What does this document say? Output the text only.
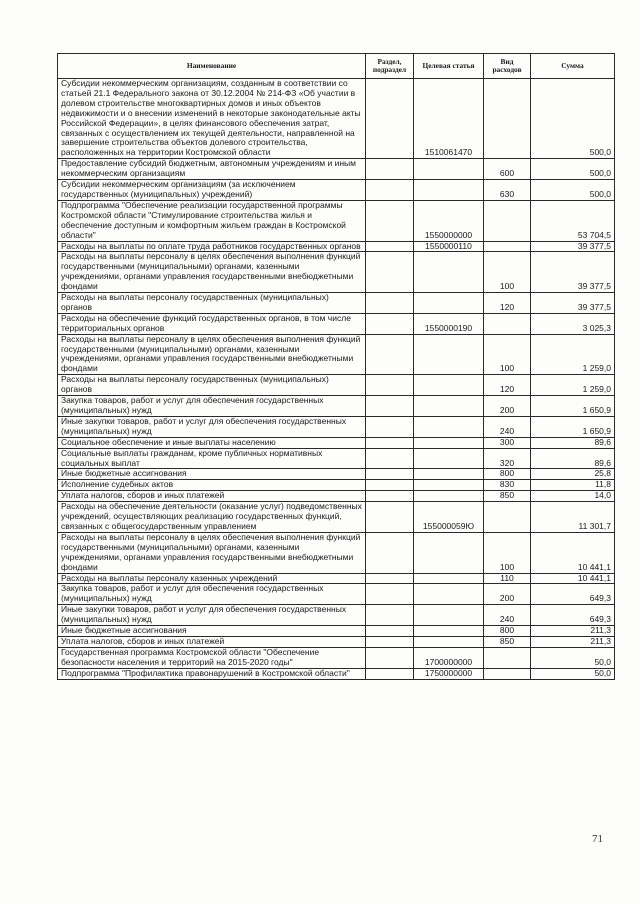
Наименование	Раздел, подраздел	Целевая статья	Вид расходов	Сумма
Субсидии некоммерческим организациям, созданным в соответствии со статьей 21.1 Федерального закона от 30.12.2004 № 214-ФЗ «Об участии в долевом строительстве многоквартирных домов и иных объектов недвижимости и о внесении изменений в некоторые законодательные акты Российской Федерации», в целях финансового обеспечения затрат, связанных с осуществлением их текущей деятельности, направленной на завершение строительства объектов долевого строительства, расположенных на территории Костромской области		1510061470		500,0
Предоставление субсидий бюджетным, автономным учреждениям и иным некоммерческим организациям			600	500,0
Субсидии некоммерческим организациям (за исключением государственных (муниципальных) учреждений)			630	500,0
Подпрограмма "Обеспечение реализации государственной программы Костромской области "Стимулирование строительства жилья и обеспечение доступным и комфортным жильем граждан в Костромской области"		1550000000		53 704,5
Расходы на выплаты по оплате труда работников государственных органов		1550000110		39 377,5
Расходы на выплаты персоналу в целях обеспечения выполнения функций государственными (муниципальными) органами, казенными учреждениями, органами управления государственными внебюджетными фондами			100	39 377,5
Расходы на выплаты персоналу государственных (муниципальных) органов			120	39 377,5
Расходы на обеспечение функций государственных органов, в том числе территориальных органов		1550000190		3 025,3
Расходы на выплаты персоналу в целях обеспечения выполнения функций государственными (муниципальными) органами, казенными учреждениями, органами управления государственными внебюджетными фондами			100	1 259,0
Расходы на выплаты персоналу государственных (муниципальных) органов			120	1 259,0
Закупка товаров, работ и услуг для обеспечения государственных (муниципальных) нужд			200	1 650,9
Иные закупки товаров, работ и услуг для обеспечения государственных (муниципальных) нужд			240	1 650,9
Социальное обеспечение и иные выплаты населению			300	89,6
Социальные выплаты гражданам, кроме публичных нормативных социальных выплат			320	89,6
Иные бюджетные ассигнования			800	25,8
Исполнение судебных актов			830	11,8
Уплата налогов, сборов и иных платежей			850	14,0
Расходы на обеспечение деятельности (оказание услуг) подведомственных учреждений, осуществляющих реализацию государственных функций, связанных с общегосударственным управлением		155000059Ю		11 301,7
Расходы на выплаты персоналу в целях обеспечения выполнения функций государственными (муниципальными) органами, казенными учреждениями, органами управления государственными внебюджетными фондами			100	10 441,1
Расходы на выплаты персоналу казенных учреждений			110	10 441,1
Закупка товаров, работ и услуг для обеспечения государственных (муниципальных) нужд			200	649,3
Иные закупки товаров, работ и услуг для обеспечения государственных (муниципальных) нужд			240	649,3
Иные бюджетные ассигнования			800	211,3
Уплата налогов, сборов и иных платежей			850	211,3
Государственная программа Костромской области "Обеспечение безопасности населения и территорий на 2015-2020 годы"		1700000000		50,0
Подпрограмма "Профилактика правонарушений в Костромской области"		1750000000		50,0
71
